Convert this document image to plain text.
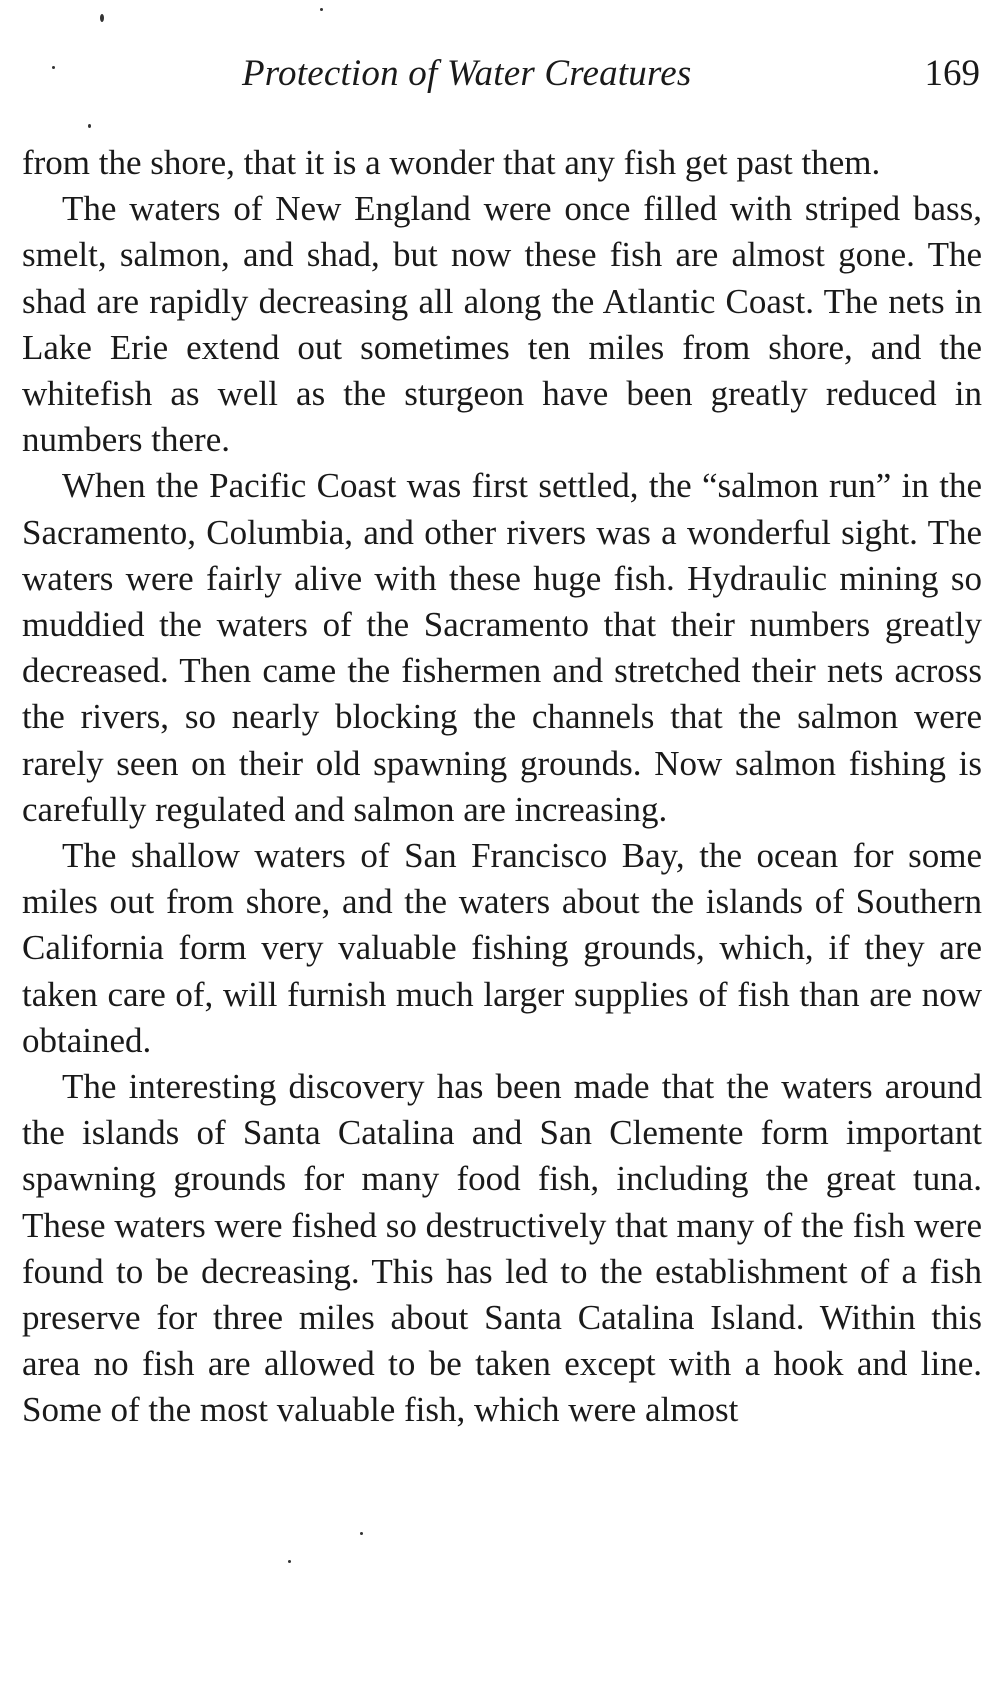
Protection of Water Creatures	169

from the shore, that it is a wonder that any fish get past them.

The waters of New England were once filled with striped bass, smelt, salmon, and shad, but now these fish are almost gone. The shad are rapidly decreasing all along the Atlantic Coast. The nets in Lake Erie extend out sometimes ten miles from shore, and the whitefish as well as the sturgeon have been greatly reduced in numbers there.

When the Pacific Coast was first settled, the “salmon run” in the Sacramento, Columbia, and other rivers was a wonderful sight. The waters were fairly alive with these huge fish. Hydraulic mining so muddied the waters of the Sacramento that their numbers greatly decreased. Then came the fishermen and stretched their nets across the rivers, so nearly blocking the channels that the salmon were rarely seen on their old spawning grounds. Now salmon fishing is carefully regulated and salmon are increasing.

The shallow waters of San Francisco Bay, the ocean for some miles out from shore, and the waters about the islands of Southern California form very valuable fishing grounds, which, if they are taken care of, will furnish much larger supplies of fish than are now obtained.

The interesting discovery has been made that the waters around the islands of Santa Catalina and San Clemente form important spawning grounds for many food fish, including the great tuna. These waters were fished so destructively that many of the fish were found to be decreasing. This has led to the establishment of a fish preserve for three miles about Santa Catalina Island. Within this area no fish are allowed to be taken except with a hook and line. Some of the most valuable fish, which were almost
